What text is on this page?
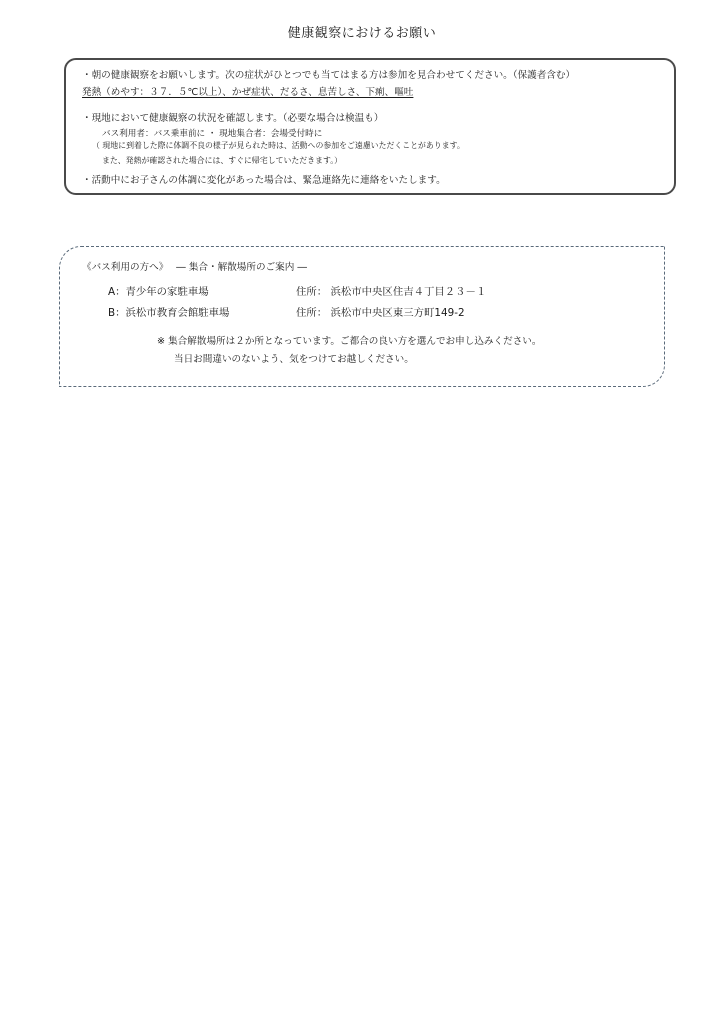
健康観察におけるお願い
・朝の健康観察をお願いします。次の症状がひとつでも当てはまる方は参加を見合わせてください。（保護者含む）
発熱（めやす：３７．５℃以上）、かぜ症状、だるさ、息苦しさ、下痢、嘔吐
・現地において健康観察の状況を確認します。（必要な場合は検温も）
バス利用者：バス乗車前に ・ 現地集合者：会場受付時に
（ 現地に到着した際に体調不良の様子が見られた時は、活動への参加をご遠慮いただくことがあります。
また、発熱が確認された場合には、すぐに帰宅していただきます。）
・活動中にお子さんの体調に変化があった場合は、緊急連絡先に連絡をいたします。
《バス利用の方へ》　 ― 集合・解散場所のご案内 ―
A：青少年の家駐車場	住所： 浜松市中央区住吉４丁目２３－１
B：浜松市教育会館駐車場	住所： 浜松市中央区東三方町149-2
※ 集合解散場所は２か所となっています。ご都合の良い方を選んでお申し込みください。
当日お間違いのないよう、気をつけてお越しください。
